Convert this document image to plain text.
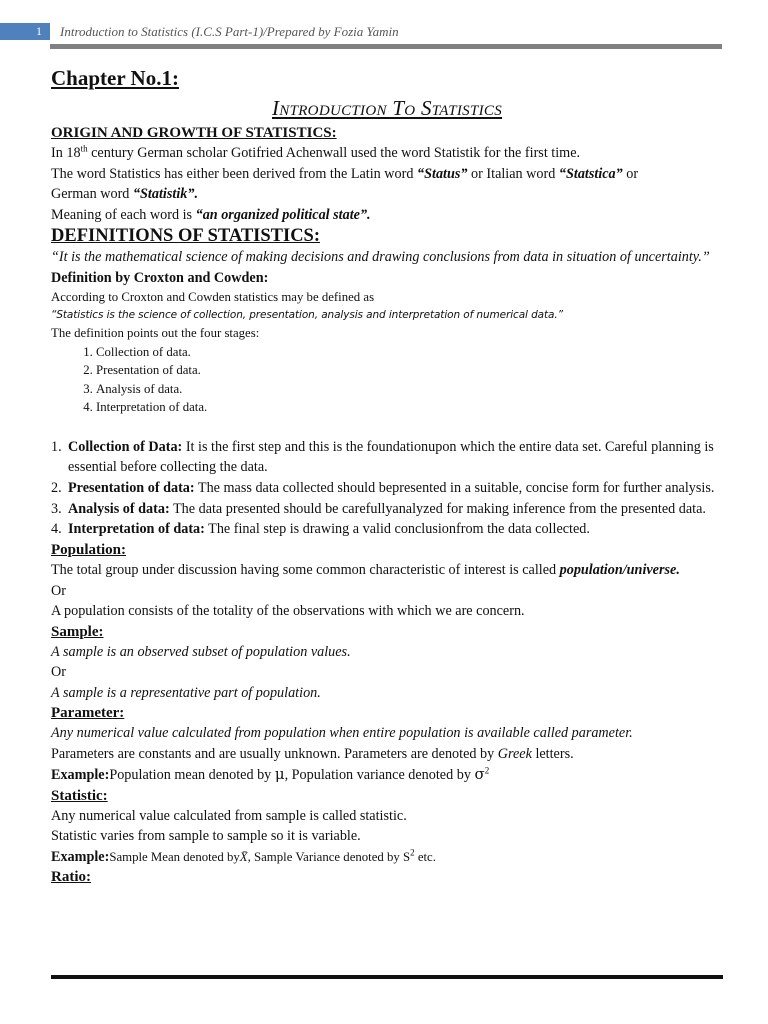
1	Introduction to Statistics (I.C.S Part-1)/Prepared by Fozia Yamin

Chapter No.1:

Introduction To Statistics

ORIGIN AND GROWTH OF STATISTICS:

In 18th century German scholar Gotifried Achenwall used the word Statistik for the first time.

The word Statistics has either been derived from the Latin word “Status” or Italian word “Statstica” or

German word “Statistik”.

Meaning of each word is “an organized political state”.

DEFINITIONS OF STATISTICS:

“It is the mathematical science of making decisions and drawing conclusions from data in situation of uncertainty.”

Definition by Croxton and Cowden:

According to Croxton and Cowden statistics may be defined as

“Statistics is the science of collection, presentation, analysis and interpretation of numerical data.”

The definition points out the four stages:

1. Collection of data.
2. Presentation of data.
3. Analysis of data.
4. Interpretation of data.
1. Collection of Data: It is the first step and this is the foundationupon which the entire data set. Careful planning is essential before collecting the data.
2. Presentation of data: The mass data collected should bepresented in a suitable, concise form for further analysis.
3. Analysis of data: The data presented should be carefullyanalyzed for making inference from the presented data.
4. Interpretation of data: The final step is drawing a valid conclusionfrom the data collected.

Population:

The total group under discussion having some common characteristic of interest is called population/universe.

Or

A population consists of the totality of the observations with which we are concern.

Sample:

A sample is an observed subset of population values.

Or

A sample is a representative part of population.

Parameter:

Any numerical value calculated from population when entire population is available called parameter.

Parameters are constants and are usually unknown. Parameters are denoted by Greek letters.

Example:Population mean denoted by μ, Population variance denoted by $\sigma^2$

Statistic:

Any numerical value calculated from sample is called statistic.

Statistic varies from sample to sample so it is variable.

Example:Sample Mean denoted byX̄, Sample Variance denoted by $S^2$ etc.

Ratio:
